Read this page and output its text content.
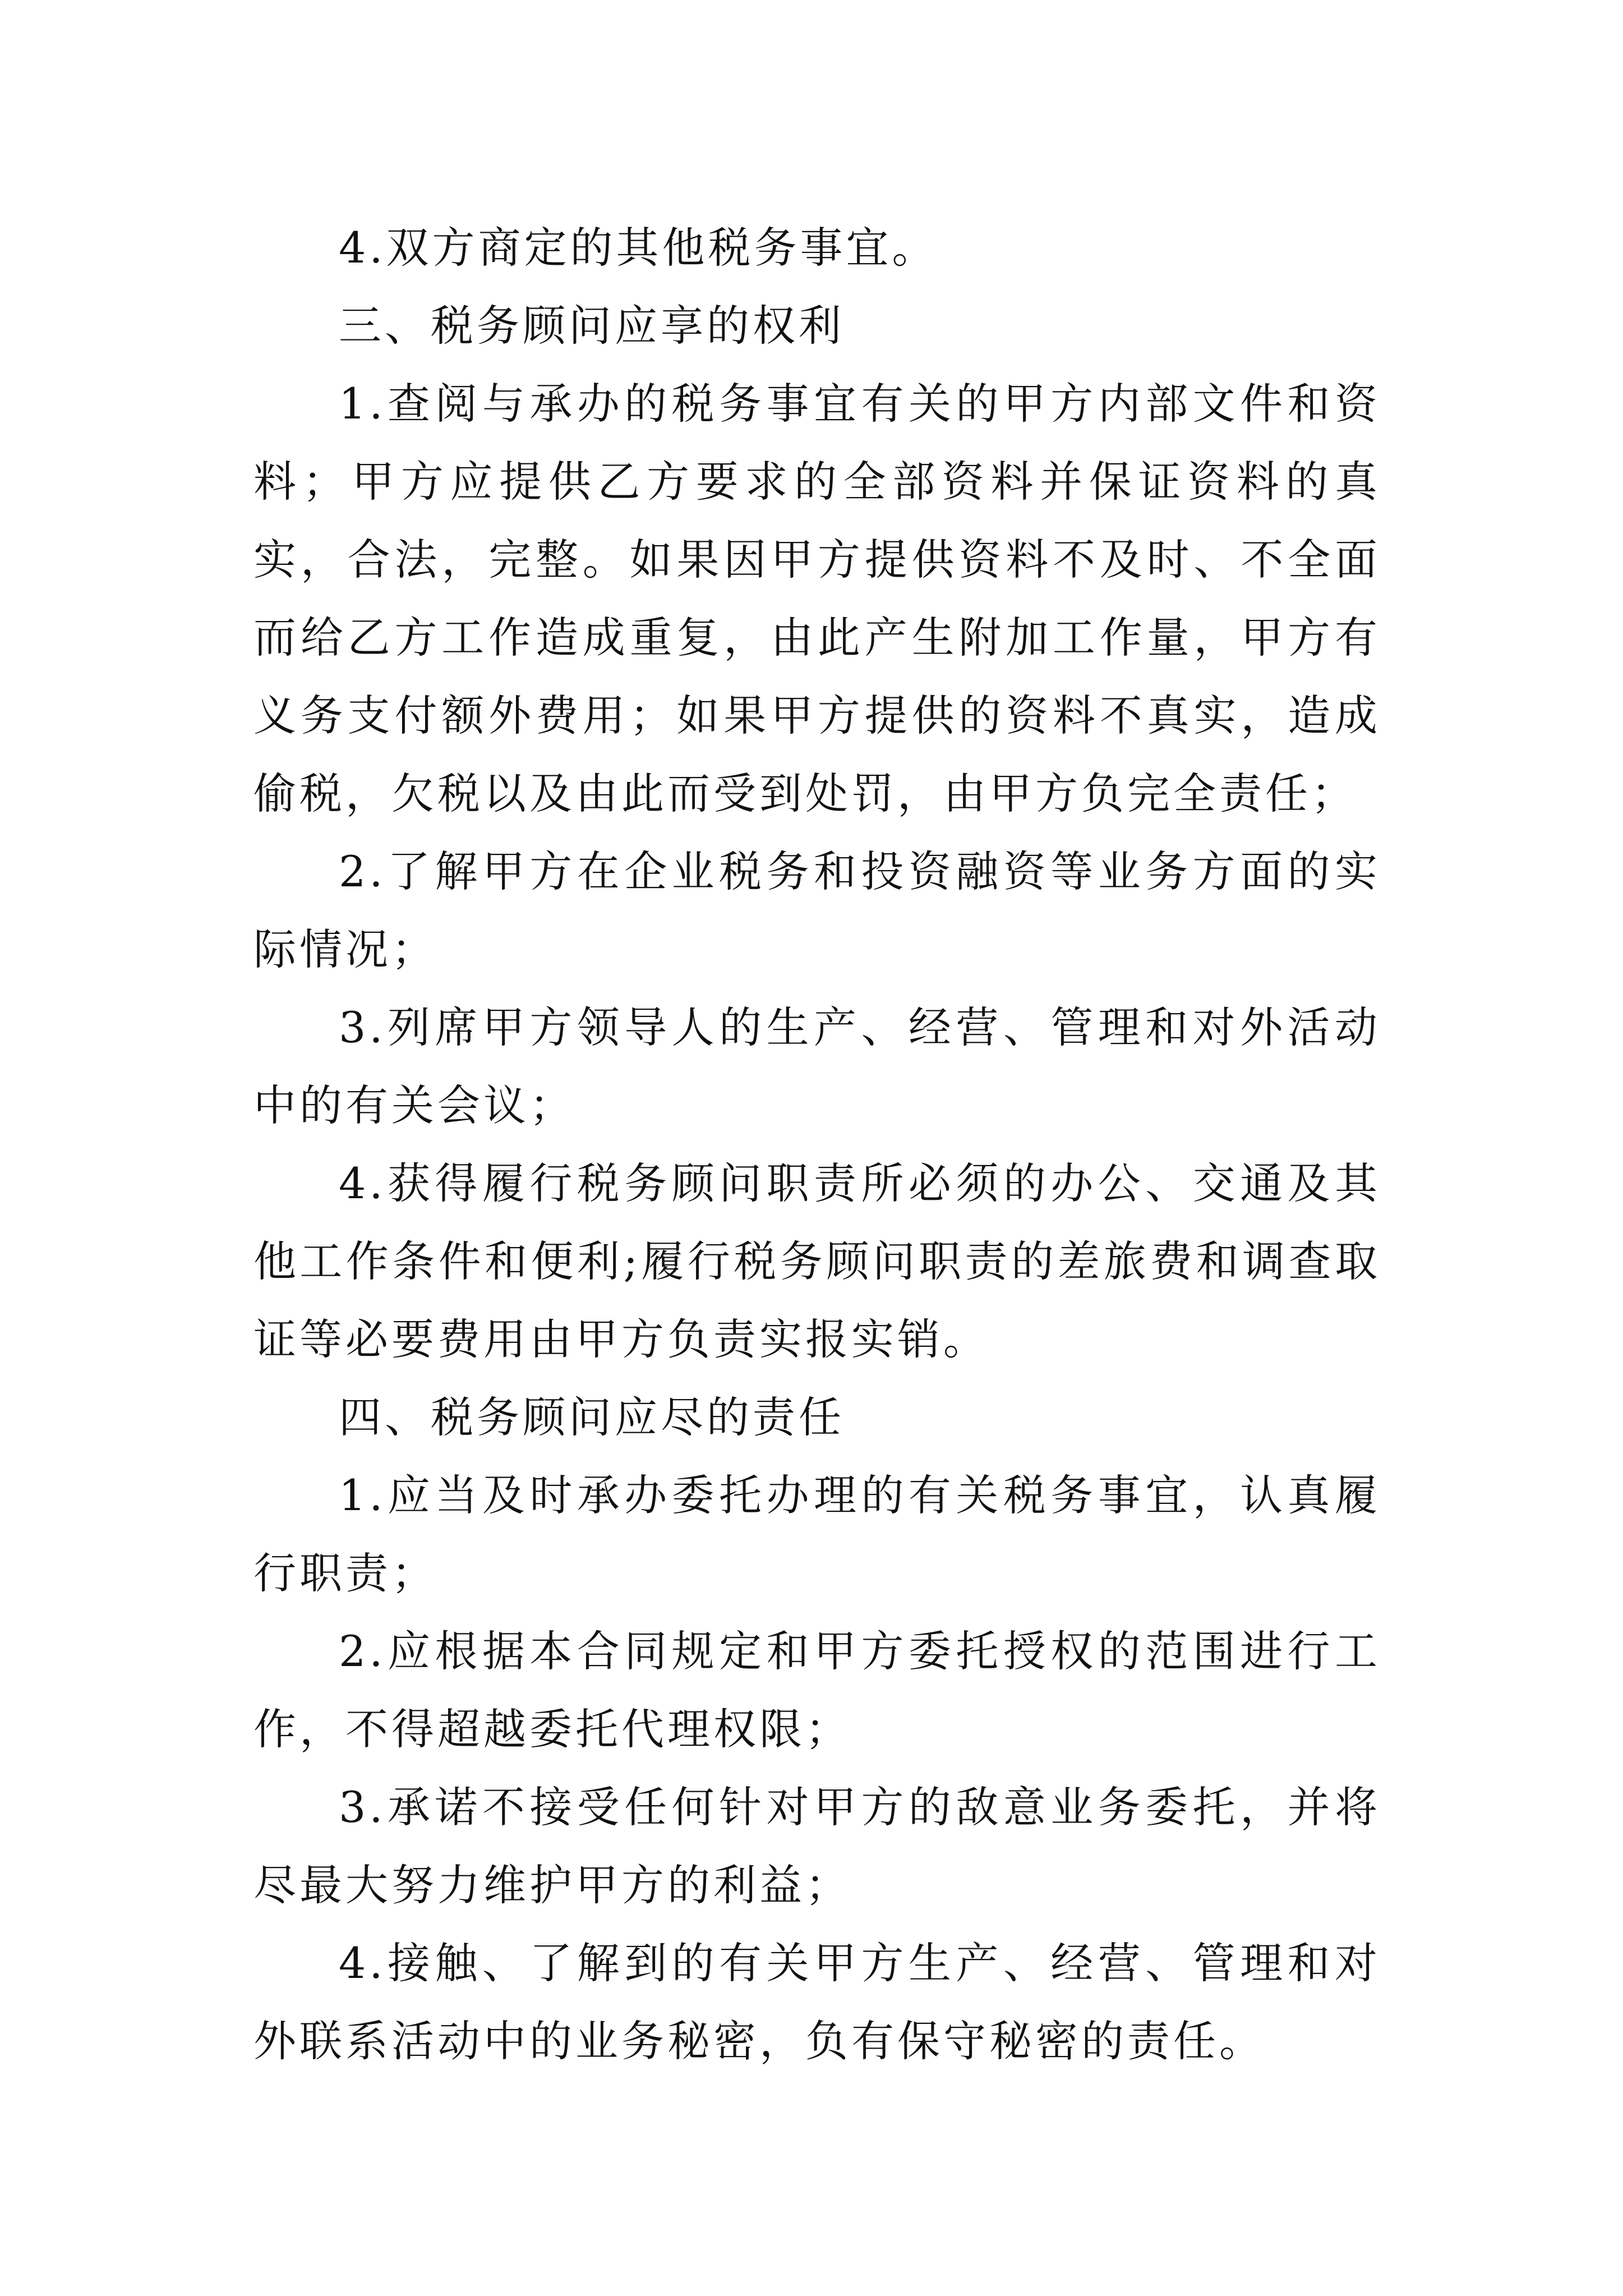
4.双方商定的其他税务事宜。

三、税务顾问应享的权利

1.查阅与承办的税务事宜有关的甲方内部文件和资料；甲方应提供乙方要求的全部资料并保证资料的真实，合法，完整。如果因甲方提供资料不及时、不全面而给乙方工作造成重复，由此产生附加工作量，甲方有义务支付额外费用；如果甲方提供的资料不真实，造成偷税，欠税以及由此而受到处罚，由甲方负完全责任；

2.了解甲方在企业税务和投资融资等业务方面的实际情况；

3.列席甲方领导人的生产、经营、管理和对外活动中的有关会议；

4.获得履行税务顾问职责所必须的办公、交通及其他工作条件和便利;履行税务顾问职责的差旅费和调查取证等必要费用由甲方负责实报实销。

四、税务顾问应尽的责任

1.应当及时承办委托办理的有关税务事宜，认真履行职责；

2.应根据本合同规定和甲方委托授权的范围进行工作，不得超越委托代理权限；

3.承诺不接受任何针对甲方的敌意业务委托，并将尽最大努力维护甲方的利益；

4.接触、了解到的有关甲方生产、经营、管理和对外联系活动中的业务秘密，负有保守秘密的责任。
